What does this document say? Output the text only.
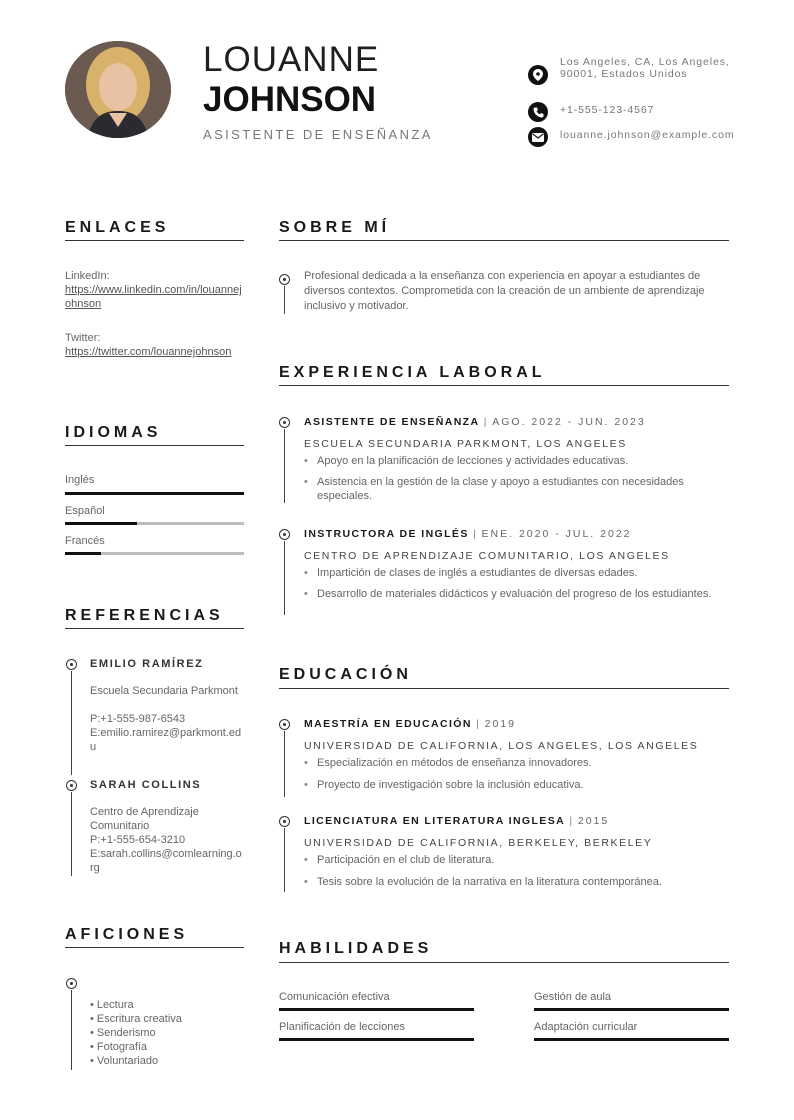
LOUANNE
JOHNSON
ASISTENTE DE ENSEÑANZA
Los Angeles, CA, Los Angeles, 90001, Estados Unidos
+1-555-123-4567
louanne.johnson@example.com
ENLACES
LinkedIn:
https://www.linkedin.com/in/louannejohnson
Twitter:
https://twitter.com/louannejohnson
IDIOMAS
Inglés
Español
Francés
REFERENCIAS
EMILIO RAMÍREZ
Escuela Secundaria Parkmont
P:+1-555-987-6543
E:emilio.ramirez@parkmont.edu
SARAH COLLINS
Centro de Aprendizaje Comunitario
P:+1-555-654-3210
E:sarah.collins@comlearning.org
AFICIONES
• Lectura
• Escritura creativa
• Senderismo
• Fotografía
• Voluntariado
SOBRE MÍ
Profesional dedicada a la enseñanza con experiencia en apoyar a estudiantes de diversos contextos. Comprometida con la creación de un ambiente de aprendizaje inclusivo y motivador.
EXPERIENCIA LABORAL
ASISTENTE DE ENSEÑANZA | AGO. 2022 - JUN. 2023
ESCUELA SECUNDARIA PARKMONT, LOS ANGELES
• Apoyo en la planificación de lecciones y actividades educativas.
• Asistencia en la gestión de la clase y apoyo a estudiantes con necesidades especiales.
INSTRUCTORA DE INGLÉS | ENE. 2020 - JUL. 2022
CENTRO DE APRENDIZAJE COMUNITARIO, LOS ANGELES
• Impartición de clases de inglés a estudiantes de diversas edades.
• Desarrollo de materiales didácticos y evaluación del progreso de los estudiantes.
EDUCACIÓN
MAESTRÍA EN EDUCACIÓN | 2019
UNIVERSIDAD DE CALIFORNIA, LOS ANGELES, LOS ANGELES
• Especialización en métodos de enseñanza innovadores.
• Proyecto de investigación sobre la inclusión educativa.
LICENCIATURA EN LITERATURA INGLESA | 2015
UNIVERSIDAD DE CALIFORNIA, BERKELEY, BERKELEY
• Participación en el club de literatura.
• Tesis sobre la evolución de la narrativa en la literatura contemporánea.
HABILIDADES
Comunicación efectiva	Gestión de aula
Planificación de lecciones	Adaptación curricular
